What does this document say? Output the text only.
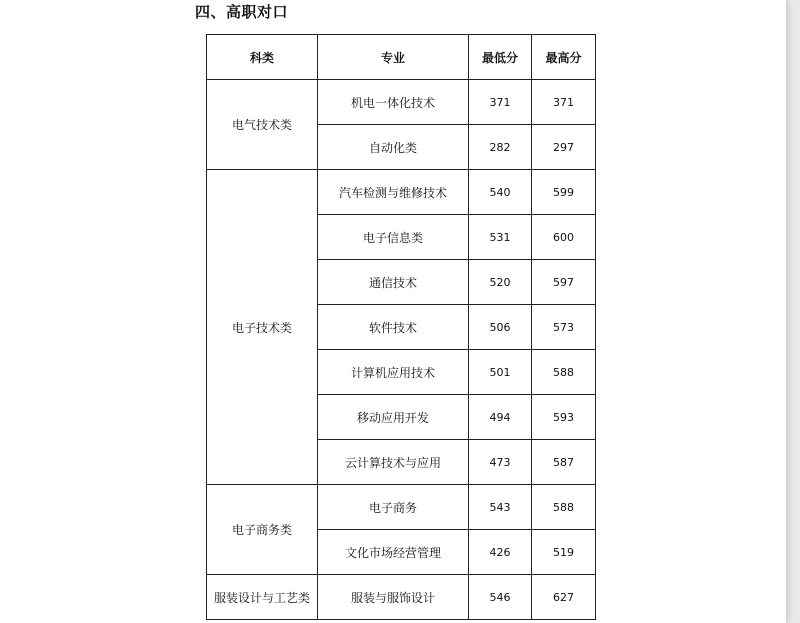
四、高职对口
科类	专业	最低分	最高分
电气技术类	机电一体化技术	371	371
	自动化类	282	297
电子技术类	汽车检测与维修技术	540	599
	电子信息类	531	600
	通信技术	520	597
	软件技术	506	573
	计算机应用技术	501	588
	移动应用开发	494	593
	云计算技术与应用	473	587
电子商务类	电子商务	543	588
	文化市场经营管理	426	519
服装设计与工艺类	服装与服饰设计	546	627
